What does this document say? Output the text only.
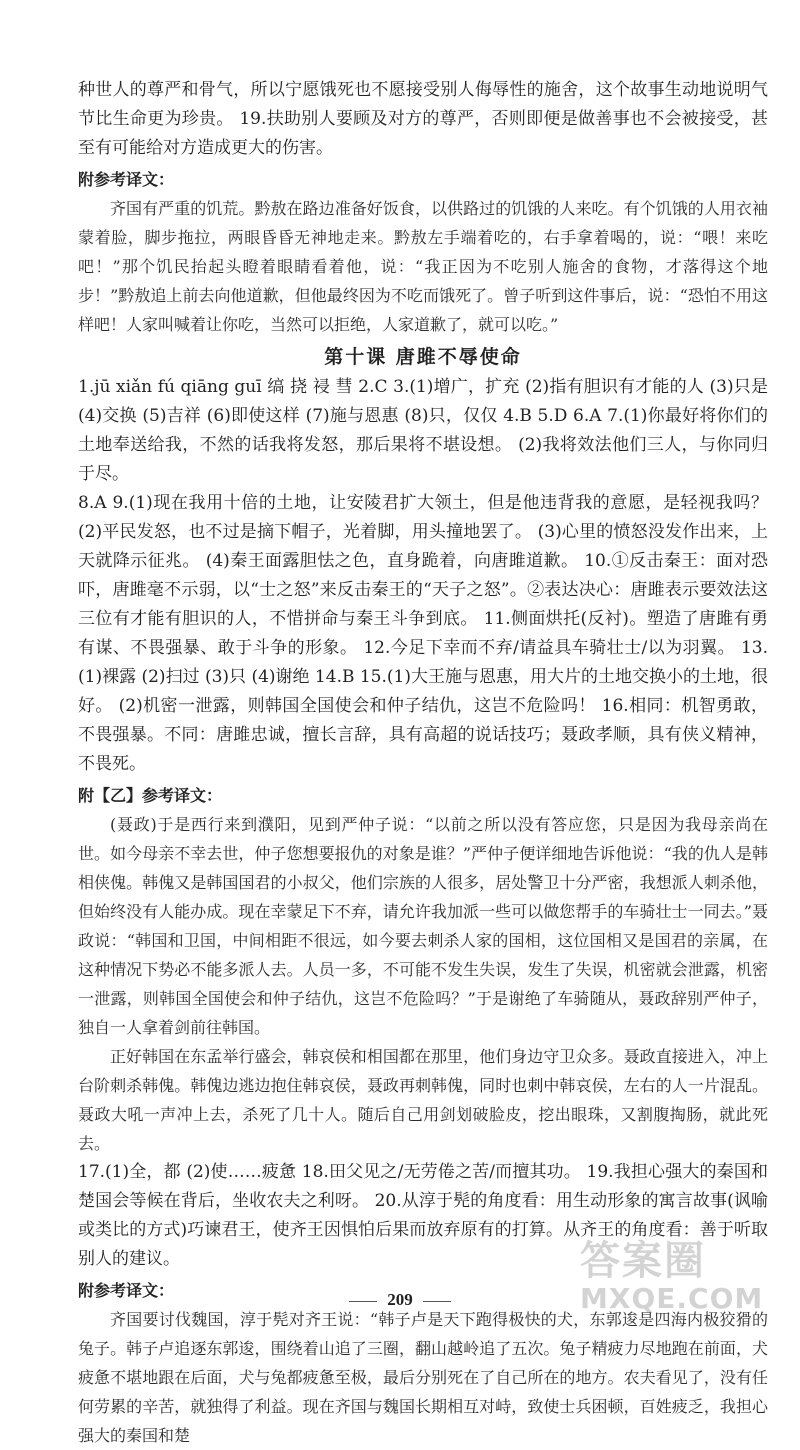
种世人的尊严和骨气，所以宁愿饿死也不愿接受别人侮辱性的施舍，这个故事生动地说明气节比生命更为珍贵。 19.扶助别人要顾及对方的尊严，否则即便是做善事也不会被接受，甚至有可能给对方造成更大的伤害。

附参考译文：

齐国有严重的饥荒。黔敖在路边准备好饭食，以供路过的饥饿的人来吃。有个饥饿的人用衣袖蒙着脸，脚步拖拉，两眼昏昏无神地走来。黔敖左手端着吃的，右手拿着喝的，说：“喂！来吃吧！”那个饥民抬起头瞪着眼睛看着他，说：“我正因为不吃别人施舍的食物，才落得这个地步！”黔敖追上前去向他道歉，但他最终因为不吃而饿死了。曾子听到这件事后，说：“恐怕不用这样吧！人家叫喊着让你吃，当然可以拒绝，人家道歉了，就可以吃。”

第十课 唐雎不辱使命

1.jū xiǎn fú qiāng guī 缟 挠 祲 彗 2.C 3.(1)增广，扩充 (2)指有胆识有才能的人 (3)只是 (4)交换 (5)吉祥 (6)即使这样 (7)施与恩惠 (8)只，仅仅 4.B 5.D 6.A 7.(1)你最好将你们的土地奉送给我，不然的话我将发怒，那后果将不堪设想。 (2)我将效法他们三人，与你同归于尽。

8.A 9.(1)现在我用十倍的土地，让安陵君扩大领土，但是他违背我的意愿，是轻视我吗？ (2)平民发怒，也不过是摘下帽子，光着脚，用头撞地罢了。 (3)心里的愤怒没发作出来，上天就降示征兆。 (4)秦王面露胆怯之色，直身跪着，向唐雎道歉。 10.①反击秦王：面对恐吓，唐雎毫不示弱，以“士之怒”来反击秦王的“天子之怒”。②表达决心：唐雎表示要效法这三位有才能有胆识的人，不惜拼命与秦王斗争到底。 11.侧面烘托(反衬)。塑造了唐雎有勇有谋、不畏强暴、敢于斗争的形象。 12.今足下幸而不弃/请益具车骑壮士/以为羽翼。 13.(1)裸露 (2)扫过 (3)只 (4)谢绝 14.B 15.(1)大王施与恩惠，用大片的土地交换小的土地，很好。 (2)机密一泄露，则韩国全国使会和仲子结仇，这岂不危险吗！ 16.相同：机智勇敢，不畏强暴。不同：唐雎忠诚，擅长言辞，具有高超的说话技巧；聂政孝顺，具有侠义精神，不畏死。

附【乙】参考译文：

(聂政)于是西行来到濮阳，见到严仲子说：“以前之所以没有答应您，只是因为我母亲尚在世。如今母亲不幸去世，仲子您想要报仇的对象是谁？”严仲子便详细地告诉他说：“我的仇人是韩相侠傀。韩傀又是韩国国君的小叔父，他们宗族的人很多，居处警卫十分严密，我想派人刺杀他，但始终没有人能办成。现在幸蒙足下不弃，请允许我加派一些可以做您帮手的车骑壮士一同去。”聂政说：“韩国和卫国，中间相距不很远，如今要去刺杀人家的国相，这位国相又是国君的亲属，在这种情况下势必不能多派人去。人员一多，不可能不发生失误，发生了失误，机密就会泄露，机密一泄露，则韩国全国使会和仲子结仇，这岂不危险吗？”于是谢绝了车骑随从，聂政辞别严仲子，独自一人拿着剑前往韩国。

正好韩国在东孟举行盛会，韩哀侯和相国都在那里，他们身边守卫众多。聂政直接进入，冲上台阶刺杀韩傀。韩傀边逃边抱住韩哀侯，聂政再刺韩傀，同时也刺中韩哀侯，左右的人一片混乱。聂政大吼一声冲上去，杀死了几十人。随后自己用剑划破脸皮，挖出眼珠，又割腹掏肠，就此死去。

17.(1)全，都 (2)使……疲惫 18.田父见之/无劳倦之苦/而擅其功。 19.我担心强大的秦国和楚国会等候在背后，坐收农夫之利呀。 20.从淳于髡的角度看：用生动形象的寓言故事(讽喻或类比的方式)巧谏君王，使齐王因惧怕后果而放弃原有的打算。从齐王的角度看：善于听取别人的建议。

附参考译文：

齐国要讨伐魏国，淳于髡对齐王说：“韩子卢是天下跑得极快的犬，东郭逡是四海内极狡猾的兔子。韩子卢追逐东郭逡，围绕着山追了三圈，翻山越岭追了五次。兔子精疲力尽地跑在前面，犬疲惫不堪地跟在后面，犬与兔都疲惫至极，最后分别死在了自己所在的地方。农夫看见了，没有任何劳累的辛苦，就独得了利益。现在齐国与魏国长期相互对峙，致使士兵困顿，百姓疲乏，我担心强大的秦国和楚

209
答案圈
MXQE.COM
